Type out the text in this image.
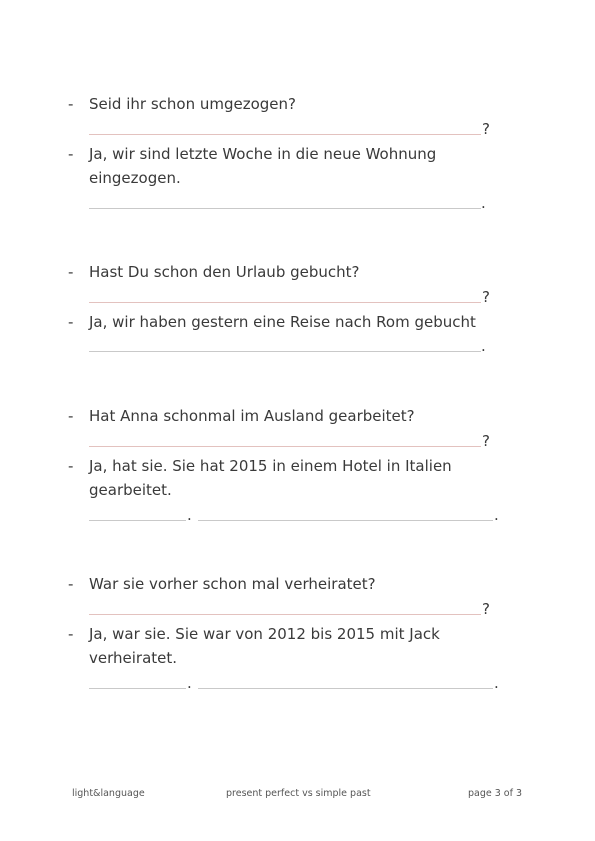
-	Seid ihr schon umgezogen?
?
-	Ja, wir sind letzte Woche in die neue Wohnung
eingezogen.
.
-	Hast Du schon den Urlaub gebucht?
?
-	Ja, wir haben gestern eine Reise nach Rom gebucht
.
-	Hat Anna schonmal im Ausland gearbeitet?
?
-	Ja, hat sie. Sie hat 2015 in einem Hotel in Italien
gearbeitet.
.	.
-	War sie vorher schon mal verheiratet?
?
-	Ja, war sie. Sie war von 2012 bis 2015 mit Jack
verheiratet.
.	.
light&language	present perfect vs simple past	page 3 of 3
